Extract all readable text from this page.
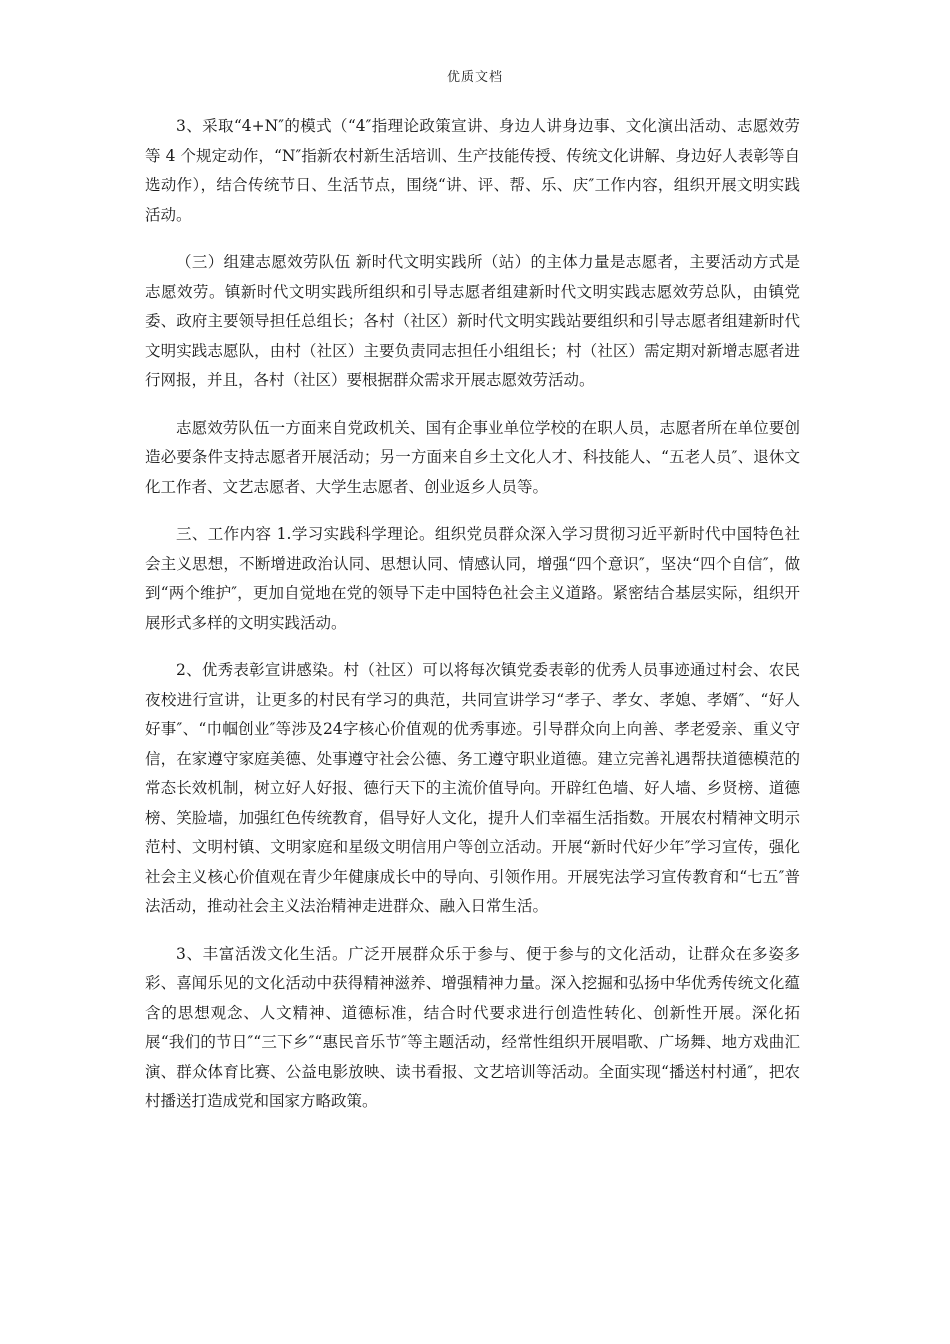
优质文档

3、采取“4+N″的模式（“4″指理论政策宣讲、身边人讲身边事、文化演出活动、志愿效劳等 4 个规定动作，“N″指新农村新生活培训、生产技能传授、传统文化讲解、身边好人表彰等自选动作），结合传统节日、生活节点，围绕“讲、评、帮、乐、庆″工作内容，组织开展文明实践活动。

（三）组建志愿效劳队伍 新时代文明实践所（站）的主体力量是志愿者，主要活动方式是志愿效劳。镇新时代文明实践所组织和引导志愿者组建新时代文明实践志愿效劳总队，由镇党委、政府主要领导担任总组长；各村（社区）新时代文明实践站要组织和引导志愿者组建新时代文明实践志愿队，由村（社区）主要负责同志担任小组组长；村（社区）需定期对新增志愿者进行网报，并且，各村（社区）要根据群众需求开展志愿效劳活动。

志愿效劳队伍一方面来自党政机关、国有企事业单位学校的在职人员，志愿者所在单位要创造必要条件支持志愿者开展活动；另一方面来自乡土文化人才、科技能人、“五老人员″、退休文化工作者、文艺志愿者、大学生志愿者、创业返乡人员等。

三、工作内容 1.学习实践科学理论。组织党员群众深入学习贯彻习近平新时代中国特色社会主义思想，不断增进政治认同、思想认同、情感认同，增强“四个意识″，坚决“四个自信″，做到“两个维护″，更加自觉地在党的领导下走中国特色社会主义道路。紧密结合基层实际，组织开展形式多样的文明实践活动。

2、优秀表彰宣讲感染。村（社区）可以将每次镇党委表彰的优秀人员事迹通过村会、农民夜校进行宣讲，让更多的村民有学习的典范，共同宣讲学习“孝子、孝女、孝媳、孝婿″、“好人好事″、“巾帼创业″等涉及24字核心价值观的优秀事迹。引导群众向上向善、孝老爱亲、重义守信，在家遵守家庭美德、处事遵守社会公德、务工遵守职业道德。建立完善礼遇帮扶道德模范的常态长效机制，树立好人好报、德行天下的主流价值导向。开辟红色墙、好人墙、乡贤榜、道德榜、笑脸墙，加强红色传统教育，倡导好人文化，提升人们幸福生活指数。开展农村精神文明示范村、文明村镇、文明家庭和星级文明信用户等创立活动。开展“新时代好少年″学习宣传，强化社会主义核心价值观在青少年健康成长中的导向、引领作用。开展宪法学习宣传教育和“七五″普法活动，推动社会主义法治精神走进群众、融入日常生活。

3、丰富活泼文化生活。广泛开展群众乐于参与、便于参与的文化活动，让群众在多姿多彩、喜闻乐见的文化活动中获得精神滋养、增强精神力量。深入挖掘和弘扬中华优秀传统文化蕴含的思想观念、人文精神、道德标准，结合时代要求进行创造性转化、创新性开展。深化拓展“我们的节日″“三下乡″“惠民音乐节″等主题活动，经常性组织开展唱歌、广场舞、地方戏曲汇演、群众体育比赛、公益电影放映、读书看报、文艺培训等活动。全面实现“播送村村通″，把农村播送打造成党和国家方略政策。
